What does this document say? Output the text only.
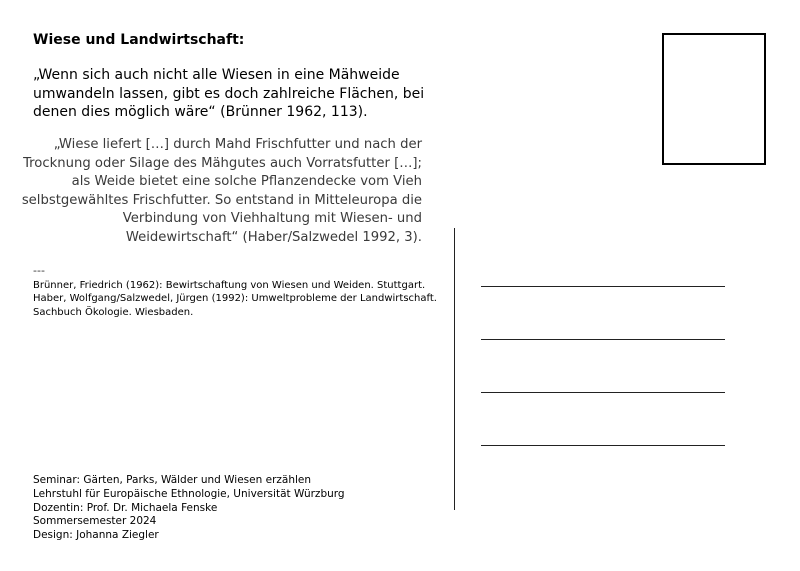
Wiese und Landwirtschaft:
„Wenn sich auch nicht alle Wiesen in eine Mähweide
umwandeln lassen, gibt es doch zahlreiche Flächen, bei
denen dies möglich wäre“ (Brünner 1962, 113).
„Wiese liefert […] durch Mahd Frischfutter und nach der
Trocknung oder Silage des Mähgutes auch Vorratsfutter […];
als Weide bietet eine solche Pflanzendecke vom Vieh
selbstgewähltes Frischfutter. So entstand in Mitteleuropa die
Verbindung von Viehhaltung mit Wiesen- und
Weidewirtschaft“ (Haber/Salzwedel 1992, 3).
---
Brünner, Friedrich (1962): Bewirtschaftung von Wiesen und Weiden. Stuttgart.
Haber, Wolfgang/Salzwedel, Jürgen (1992): Umweltprobleme der Landwirtschaft.
Sachbuch Ökologie. Wiesbaden.
Seminar: Gärten, Parks, Wälder und Wiesen erzählen
Lehrstuhl für Europäische Ethnologie, Universität Würzburg
Dozentin: Prof. Dr. Michaela Fenske
Sommersemester 2024
Design: Johanna Ziegler
